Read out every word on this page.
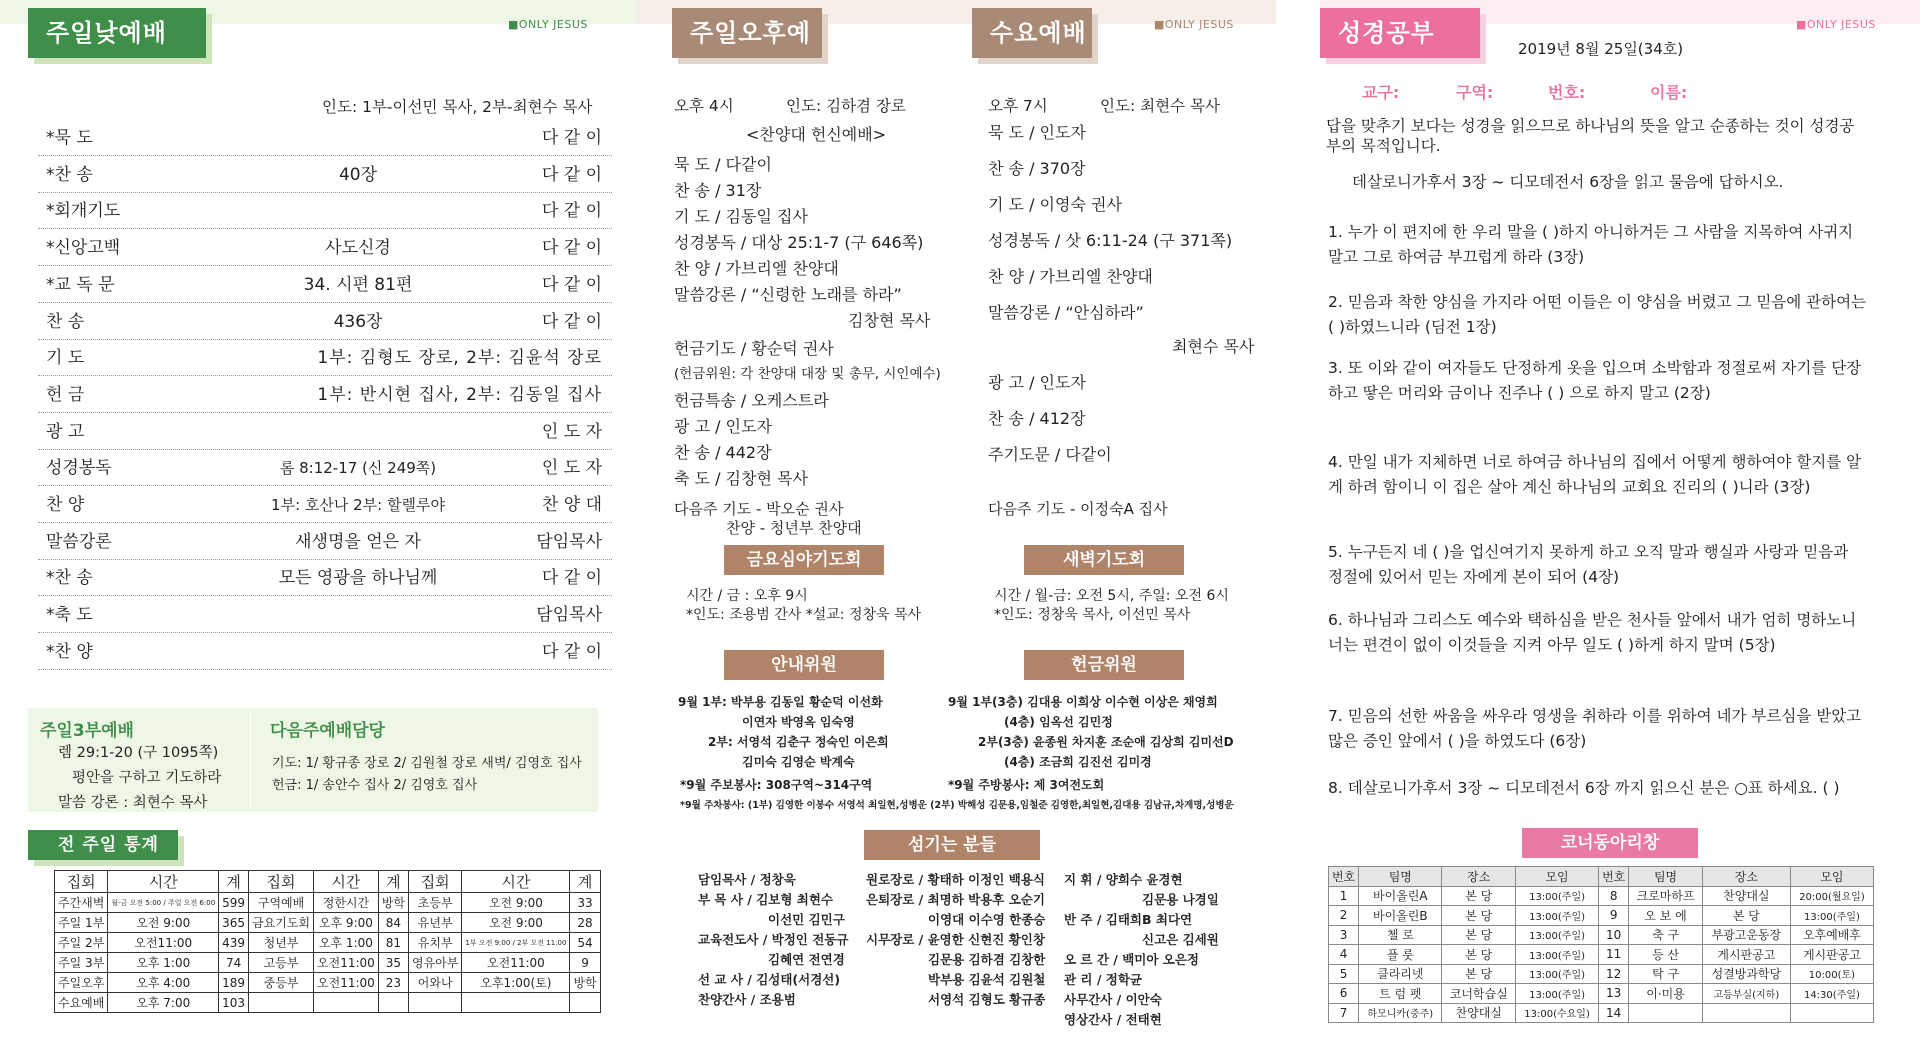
주일낮예배	■ONLY JESUS
인도: 1부-이선민 목사, 2부-최현수 목사
*묵 도	다 같 이
*찬 송	40장	다 같 이
*회개기도	다 같 이
*신앙고백	사도신경	다 같 이
*교 독 문	34. 시편 81편	다 같 이
찬 송	436장	다 같 이
기 도	1부: 김형도 장로, 2부: 김윤석 장로
헌 금	1부: 반시현 집사, 2부: 김동일 집사
광 고	인 도 자
성경봉독	롬 8:12-17 (신 249쪽)	인 도 자
찬 양	1부: 호산나 2부: 할렐루야	찬 양 대
말씀강론	새생명을 얻은 자	담임목사
*찬 송	모든 영광을 하나님께	다 같 이
*축 도	담임목사
*찬 양	다 같 이
주일3부예배
렘 29:1-20 (구 1095쪽)
평안을 구하고 기도하라
말씀 강론 : 최현수 목사
다음주예배담당
기도: 1/ 황규종 장로 2/ 김원철 장로 새벽/ 김영호 집사
헌금: 1/ 송안수 집사 2/ 김영호 집사
전 주일 통계
집회	시간	계	집회	시간	계	집회	시간	계
주간새벽	월-금 오전 5:00 / 주일 오전 6:00	599	구역예배	정한시간	방학	초등부	오전 9:00	33
주일 1부	오전 9:00	365	금요기도회	오후 9:00	84	유년부	오전 9:00	28
주일 2부	오전11:00	439	청년부	오후 1:00	81	유치부	1부 오전 9:00 / 2부 오전 11:00	54
주일 3부	오후 1:00	74	고등부	오전11:00	35	영유아부	오전11:00	9
주일오후	오후 4:00	189	중등부	오전11:00	23	어와나	오후1:00(토)	방학
수요예배	오후 7:00	103						
주일오후예배
오후 4시	인도: 김하겸 장로
<찬양대 헌신예배>
묵 도 / 다같이
찬 송 / 31장
기 도 / 김동일 집사
성경봉독 / 대상 25:1-7 (구 646쪽)
찬 양 / 가브리엘 찬양대
말씀강론 / “신령한 노래를 하라”
김창현 목사
헌금기도 / 황순덕 권사
(헌금위원: 각 찬양대 대장 및 총무, 시인예수)
헌금특송 / 오케스트라
광 고 / 인도자
찬 송 / 442장
축 도 / 김창현 목사
다음주 기도 - 박오순 권사
찬양 - 청년부 찬양대
금요심야기도회
시간 / 금 : 오후 9시
*인도: 조용범 간사 *설교: 정창욱 목사
안내위원
9월 1부: 박부용 김동일 황순덕 이선화
이연자 박영옥 임숙영
2부: 서영석 김춘구 정숙인 이은희
김미숙 김영순 박계숙
*9월 주보봉사: 308구역~314구역
*9월 주차봉사: (1부) 김영한 이봉수 서영석 최일현,성병운 (2부) 박해성 김문용,임철준 김영한,최일현,김대용 김남규,차계명,성병운
수요예배	■ONLY JESUS
오후 7시	인도: 최현수 목사
묵 도 / 인도자
찬 송 / 370장
기 도 / 이영숙 권사
성경봉독 / 삿 6:11-24 (구 371쪽)
찬 양 / 가브리엘 찬양대
말씀강론 / “안심하라”
최현수 목사
광 고 / 인도자
찬 송 / 412장
주기도문 / 다같이
다음주 기도 - 이정숙A 집사
새벽기도회
시간 / 월-금: 오전 5시, 주일: 오전 6시
*인도: 정창욱 목사, 이선민 목사
헌금위원
9월 1부(3층) 김대용 이희상 이수현 이상은 채영희
(4층) 임옥선 김민정
2부(3층) 윤종원 차지훈 조순애 김상희 김미선D
(4층) 조금희 김진선 김미경
*9월 주방봉사: 제 3여전도회
섬기는 분들
담임목사 / 정창욱
부 목 사 / 김보형 최현수
이선민 김민구
교육전도사 / 박정인 전동규
김혜연 전연경
선 교 사 / 김성태(서경선)
찬양간사 / 조용범
원로장로 / 황태하 이정인 백용식
은퇴장로 / 최명하 박용후 오순기
이영대 이수영 한종승
시무장로 / 윤영한 신현진 황인창
김문용 김하겸 김창한
박부용 김윤석 김원철
서영석 김형도 황규종
지 휘 / 양희수 윤경현
김문용 나경일
반 주 / 김태희B 최다연
신고은 김세원
오 르 간 / 백미아 오은정
관 리 / 정학균
사무간사 / 이안숙
영상간사 / 전태현
성경공부	■ONLY JESUS
2019년 8월 25일(34호)
교구:	구역:	번호:	이름:
답을 맞추기 보다는 성경을 읽으므로 하나님의 뜻을 알고 순종하는 것이 성경공부의 목적입니다.
데살로니가후서 3장 ~ 디모데전서 6장을 읽고 물음에 답하시오.
1. 누가 이 편지에 한 우리 말을 ( )하지 아니하거든 그 사람을 지목하여 사귀지 말고 그로 하여금 부끄럽게 하라 (3장)
2. 믿음과 착한 양심을 가지라 어떤 이들은 이 양심을 버렸고 그 믿음에 관하여는 ( )하였느니라 (딤전 1장)
3. 또 이와 같이 여자들도 단정하게 옷을 입으며 소박함과 정절로써 자기를 단장하고 땋은 머리와 금이나 진주나 ( ) 으로 하지 말고 (2장)
4. 만일 내가 지체하면 너로 하여금 하나님의 집에서 어떻게 행하여야 할지를 알게 하려 함이니 이 집은 살아 계신 하나님의 교회요 진리의 ( )니라 (3장)
5. 누구든지 네 ( )을 업신여기지 못하게 하고 오직 말과 행실과 사랑과 믿음과 정절에 있어서 믿는 자에게 본이 되어 (4장)
6. 하나님과 그리스도 예수와 택하심을 받은 천사들 앞에서 내가 엄히 명하노니 너는 편견이 없이 이것들을 지켜 아무 일도 ( )하게 하지 말며 (5장)
7. 믿음의 선한 싸움을 싸우라 영생을 취하라 이를 위하여 네가 부르심을 받았고 많은 증인 앞에서 ( )을 하였도다 (6장)
8. 데살로니가후서 3장 ~ 디모데전서 6장 까지 읽으신 분은 ○표 하세요. ( )
코너동아리창
번호	팀명	장소	모임	번호	팀명	장소	모임
1	바이올린A	본 당	13:00(주일)	8	크로마하프	찬양대실	20:00(월요일)
2	바이올린B	본 당	13:00(주일)	9	오 보 에	본 당	13:00(주일)
3	첼 로	본 당	13:00(주일)	10	축 구	부광고운동장	오후예배후
4	플 룻	본 당	13:00(주일)	11	등 산	게시판공고	게시판공고
5	클라리넷	본 당	13:00(주일)	12	탁 구	성결방과학당	10:00(토)
6	트 럼 펫	코너학습실	13:00(주일)	13	이·미용	고등부실(지하)	14:30(주일)
7	하모니카(중주)	찬양대실	13:00(수요일)	14			
